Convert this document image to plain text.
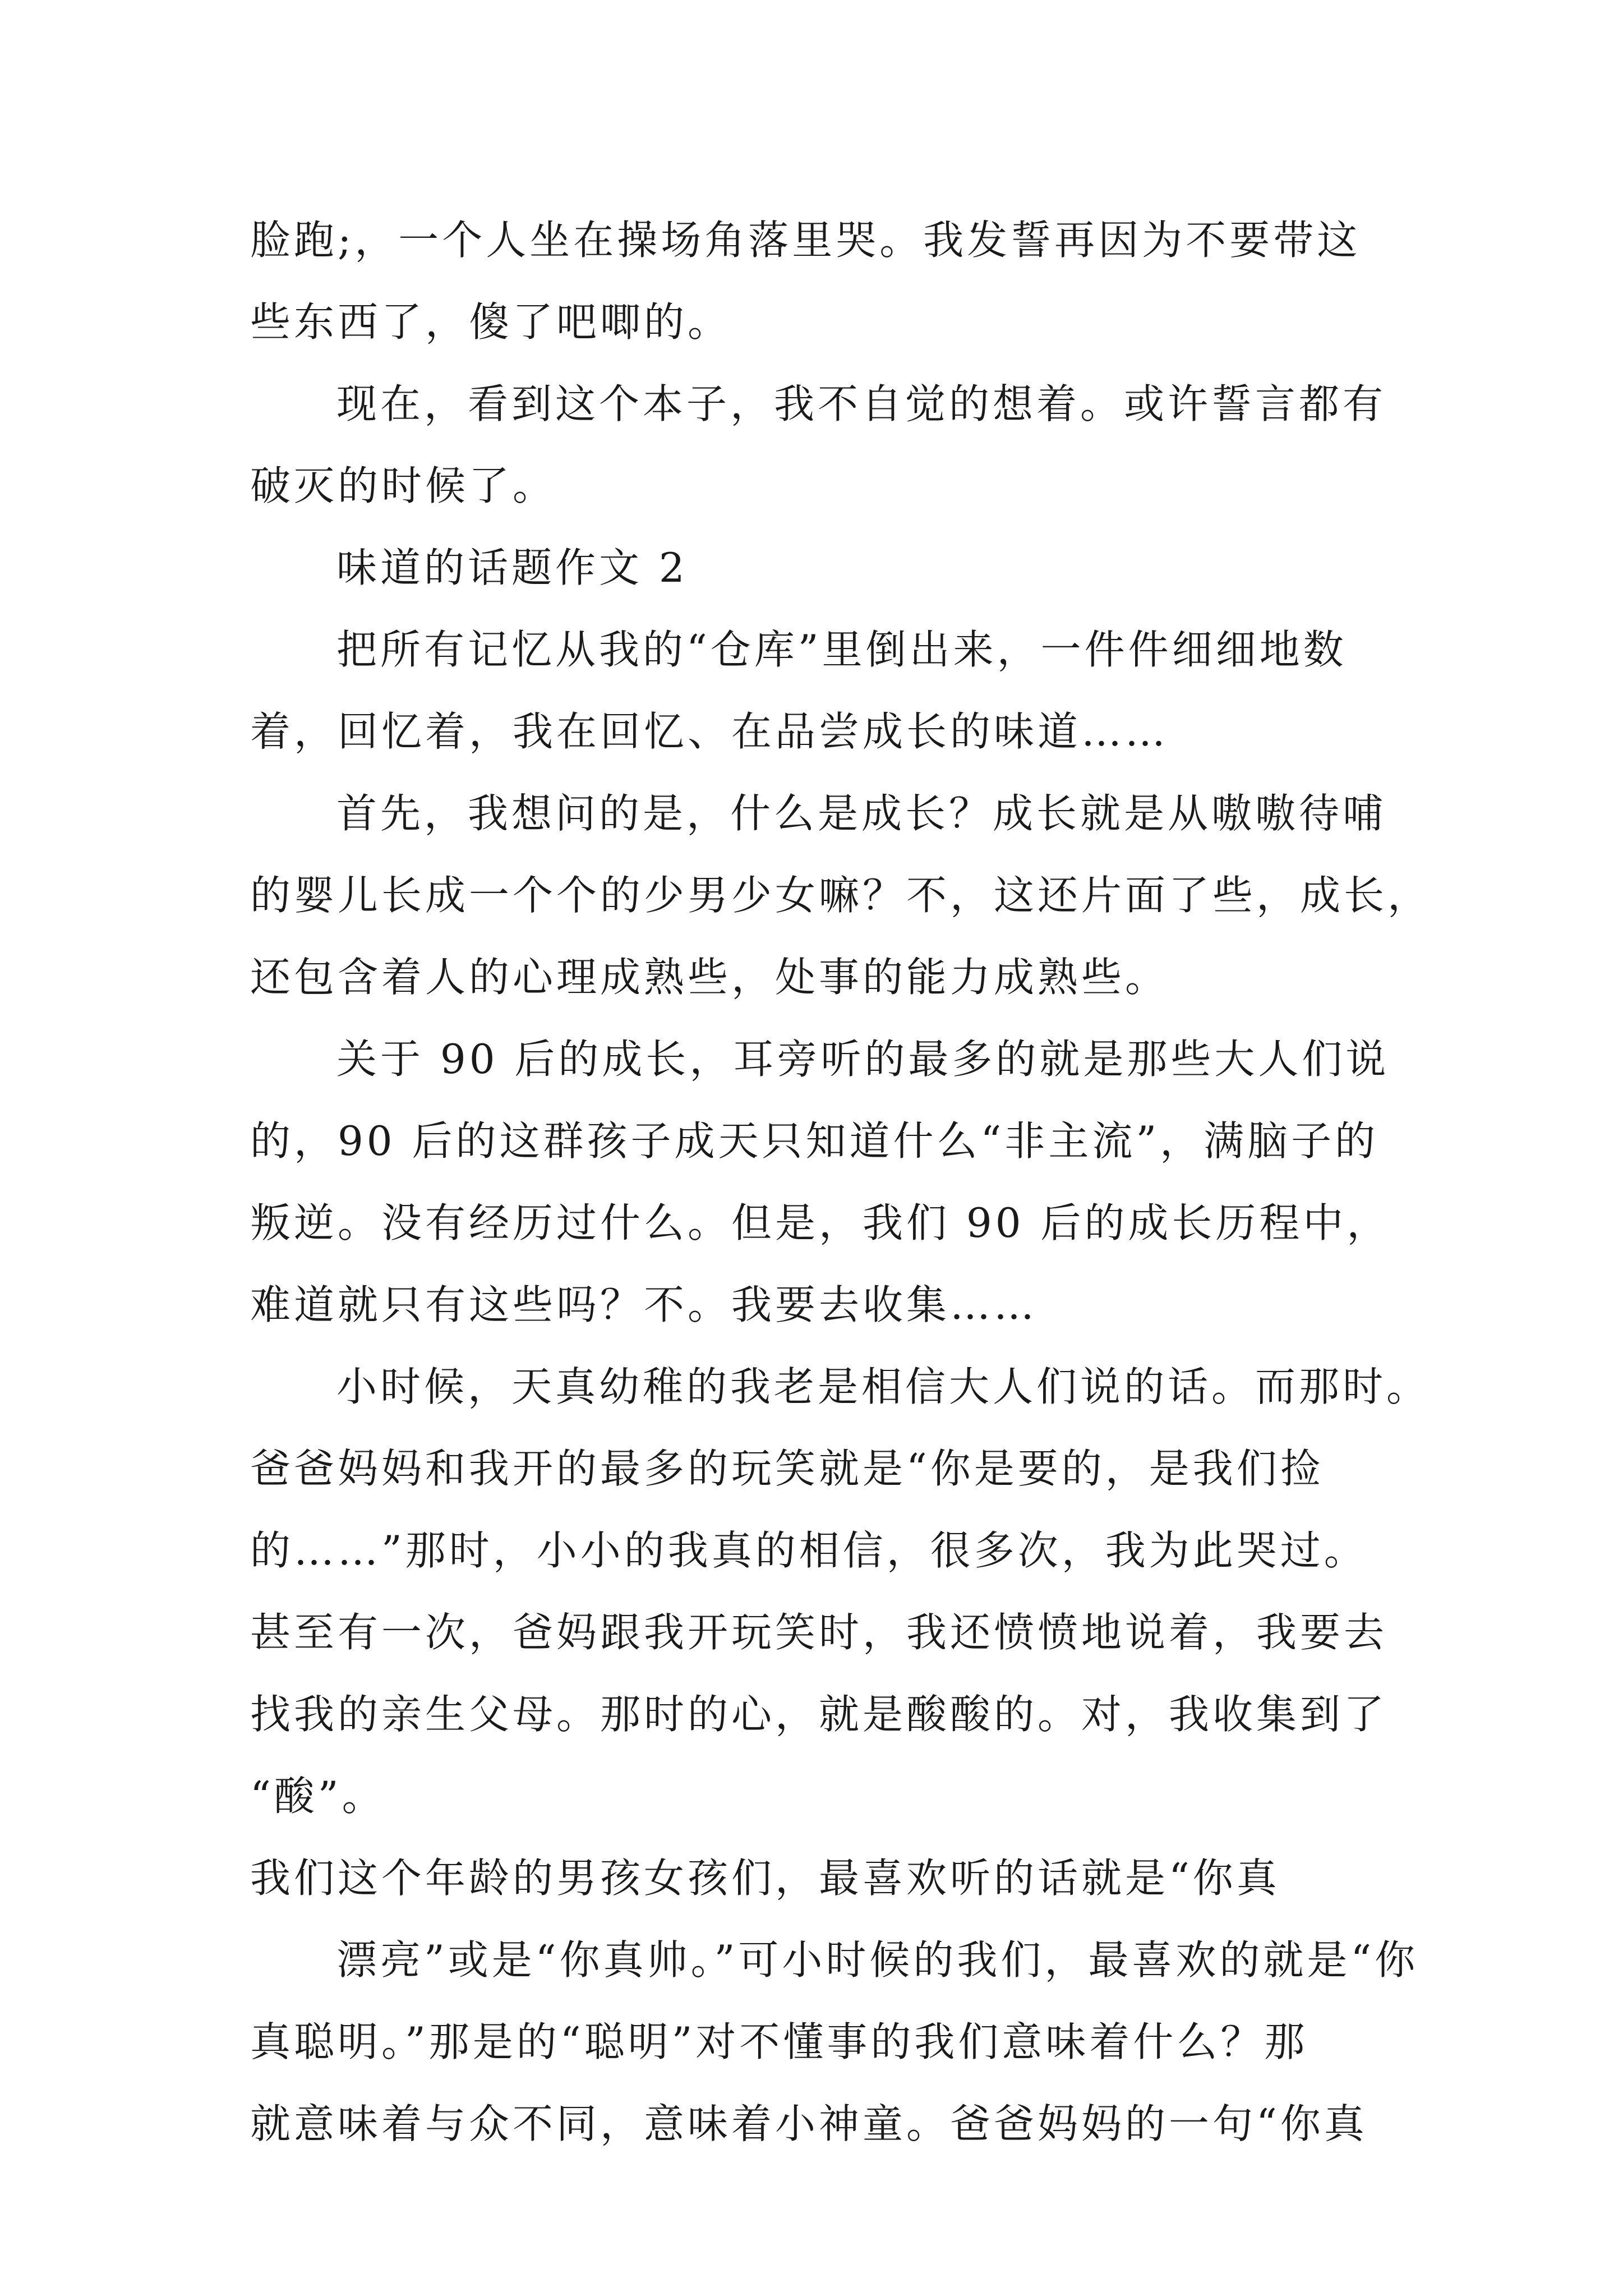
脸跑;，一个人坐在操场角落里哭。我发誓再因为不要带这
些东西了，傻了吧唧的。
现在，看到这个本子，我不自觉的想着。或许誓言都有
破灭的时候了。
味道的话题作文 2
把所有记忆从我的“仓库”里倒出来，一件件细细地数
着，回忆着，我在回忆、在品尝成长的味道……
首先，我想问的是，什么是成长？成长就是从嗷嗷待哺
的婴儿长成一个个的少男少女嘛？不，这还片面了些，成长，
还包含着人的心理成熟些，处事的能力成熟些。
关于 90 后的成长，耳旁听的最多的就是那些大人们说
的，90 后的这群孩子成天只知道什么“非主流”，满脑子的
叛逆。没有经历过什么。但是，我们 90 后的成长历程中，
难道就只有这些吗？不。我要去收集……
小时候，天真幼稚的我老是相信大人们说的话。而那时。
爸爸妈妈和我开的最多的玩笑就是“你是要的，是我们捡
的……”那时，小小的我真的相信，很多次，我为此哭过。
甚至有一次，爸妈跟我开玩笑时，我还愤愤地说着，我要去
找我的亲生父母。那时的心，就是酸酸的。对，我收集到了
“酸”。
我们这个年龄的男孩女孩们，最喜欢听的话就是“你真
漂亮”或是“你真帅。”可小时候的我们，最喜欢的就是“你
真聪明。”那是的“聪明”对不懂事的我们意味着什么？那
就意味着与众不同，意味着小神童。爸爸妈妈的一句“你真
